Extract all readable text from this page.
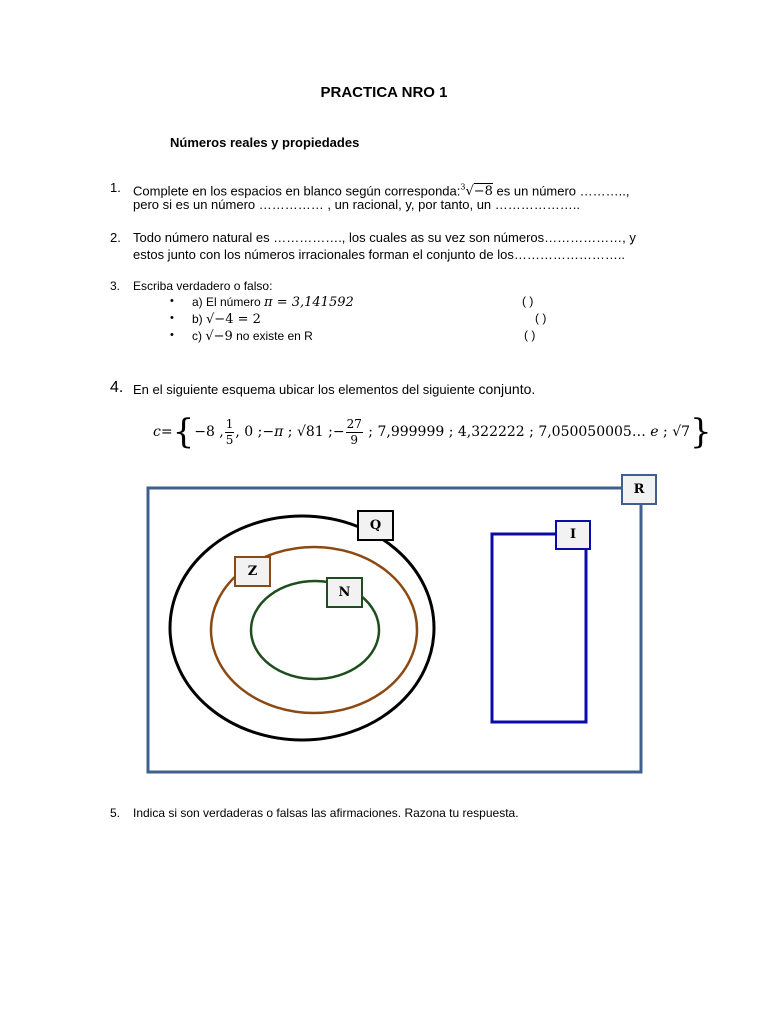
PRACTICA NRO 1
Números reales y propiedades
1. Complete en los espacios en blanco según corresponda:$^3$√−8 es un número ………..,
pero si es un número …………… , un racional, y, por tanto, un ………………..
2. Todo número natural es ……………., los cuales as su vez son números………………, y
estos junto con los números irracionales forman el conjunto de los……………………..
3. Escriba verdadero o falso:
• a) El número π = 3,141592	( )
• b) √−4 = 2	( )
• c) √−9 no existe en R	( )
4. En el siguiente esquema ubicar los elementos del siguiente conjunto.
c={−8 , $\frac{1}{5}$ , 0 ;−π ; √81 ;− $\frac{27}{9}$ ; 7,999999 ; 4,322222 ; 7,050050005… e ; √7}
R
Q
Z
N
I
5. Indica si son verdaderas o falsas las afirmaciones. Razona tu respuesta.
